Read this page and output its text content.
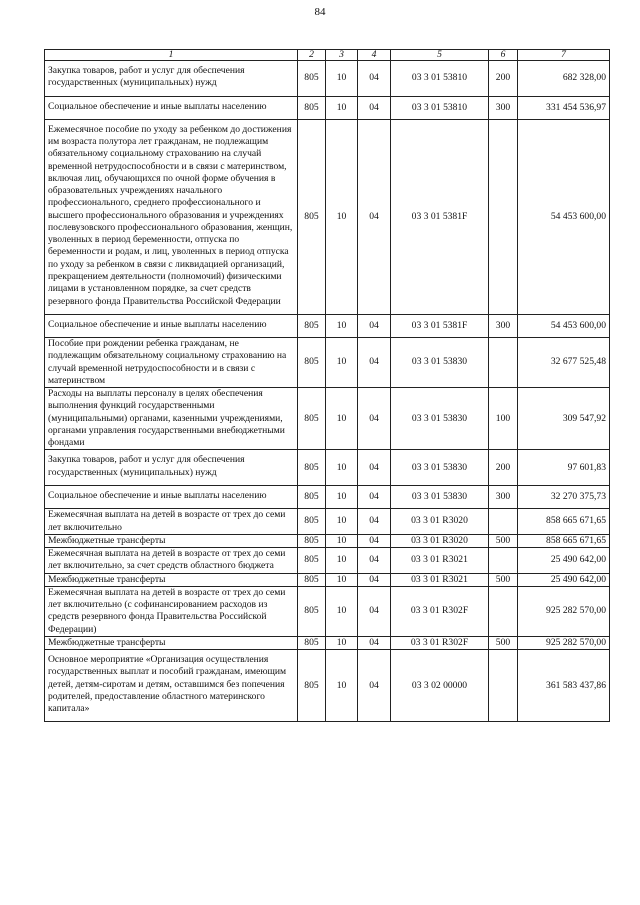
84
1	2	3	4	5	6	7
Закупка товаров, работ и услуг для обеспечения государственных (муниципальных) нужд	805	10	04	03 3 01 53810	200	682 328,00
Социальное обеспечение и иные выплаты населению	805	10	04	03 3 01 53810	300	331 454 536,97
Ежемесячное пособие по уходу за ребенком до достижения им возраста полутора лет гражданам, не подлежащим обязательному социальному страхованию на случай временной нетрудоспособности и в связи с материнством, включая лиц, обучающихся по очной форме обучения в образовательных учреждениях начального профессионального, среднего профессионального и высшего профессионального образования и учреждениях послевузовского профессионального образования, женщин, уволенных в период беременности, отпуска по беременности и родам, и лиц, уволенных в период отпуска по уходу за ребенком в связи с ликвидацией организаций, прекращением деятельности (полномочий) физическими лицами в установленном порядке, за счет средств резервного фонда Правительства Российской Федерации	805	10	04	03 3 01 5381F		54 453 600,00
Социальное обеспечение и иные выплаты населению	805	10	04	03 3 01 5381F	300	54 453 600,00
Пособие при рождении ребенка гражданам, не подлежащим обязательному социальному страхованию на случай временной нетрудоспособности и в связи с материнством	805	10	04	03 3 01 53830		32 677 525,48
Расходы на выплаты персоналу в целях обеспечения выполнения функций государственными (муниципальными) органами, казенными учреждениями, органами управления государственными внебюджетными фондами	805	10	04	03 3 01 53830	100	309 547,92
Закупка товаров, работ и услуг для обеспечения государственных (муниципальных) нужд	805	10	04	03 3 01 53830	200	97 601,83
Социальное обеспечение и иные выплаты населению	805	10	04	03 3 01 53830	300	32 270 375,73
Ежемесячная выплата на детей в возрасте от трех до семи лет включительно	805	10	04	03 3 01 R3020		858 665 671,65
Межбюджетные трансферты	805	10	04	03 3 01 R3020	500	858 665 671,65
Ежемесячная выплата на детей в возрасте от трех до семи лет включительно, за счет средств областного бюджета	805	10	04	03 3 01 R3021		25 490 642,00
Межбюджетные трансферты	805	10	04	03 3 01 R3021	500	25 490 642,00
Ежемесячная выплата на детей в возрасте от трех до семи лет включительно (с софинансированием расходов из средств резервного фонда Правительства Российской Федерации)	805	10	04	03 3 01 R302F		925 282 570,00
Межбюджетные трансферты	805	10	04	03 3 01 R302F	500	925 282 570,00
Основное мероприятие «Организация осуществления государственных выплат и пособий гражданам, имеющим детей, детям-сиротам и детям, оставшимся без попечения родителей, предоставление областного материнского капитала»	805	10	04	03 3 02 00000		361 583 437,86
